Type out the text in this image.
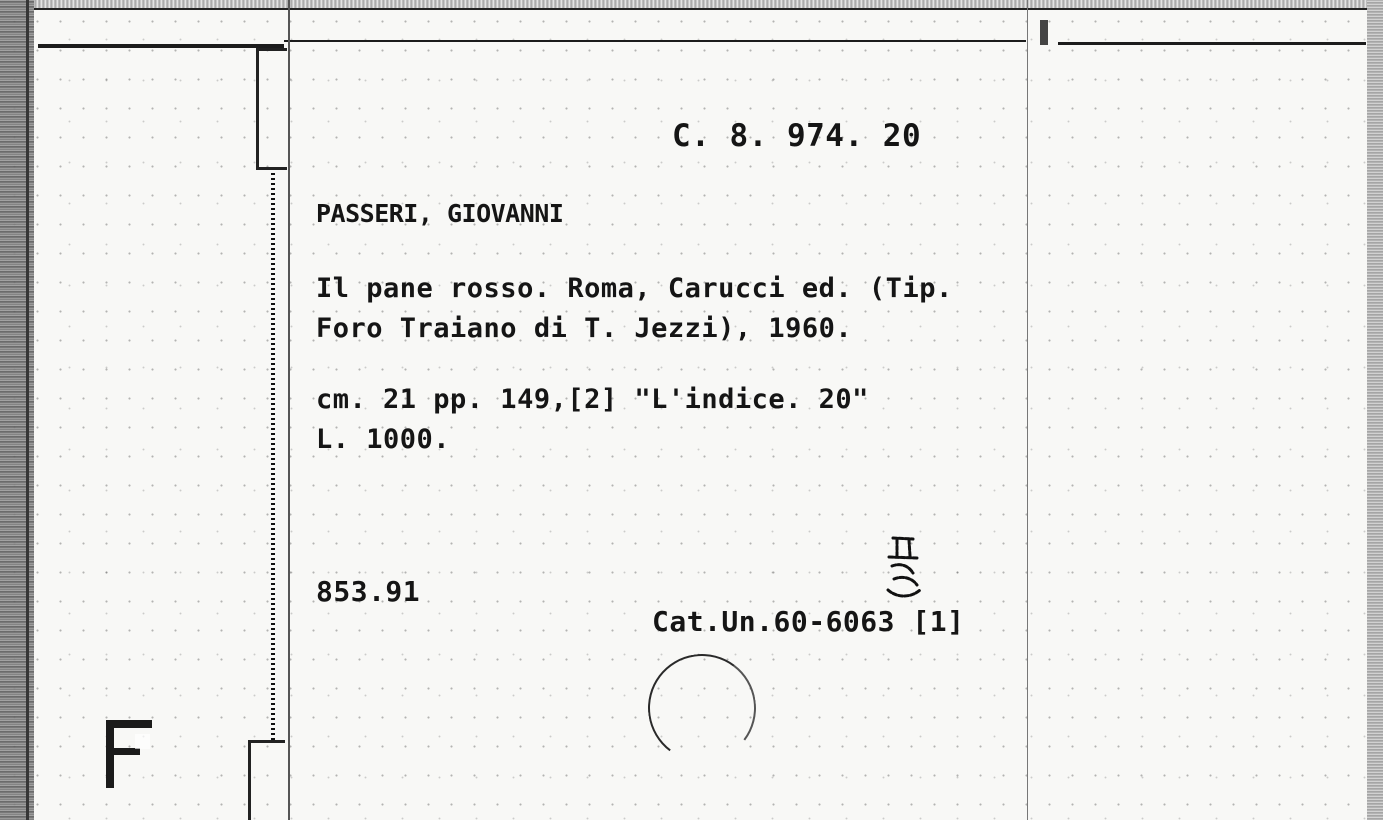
C. 8. 974. 20
PASSERI, GIOVANNI
Il pane rosso. Roma, Carucci ed. (Tip.
Foro Traiano di T. Jezzi), 1960.
cm. 21 pp. 149,[2] "L'indice. 20"
L. 1000.
853.91
Cat.Un.60-6063 [1]
